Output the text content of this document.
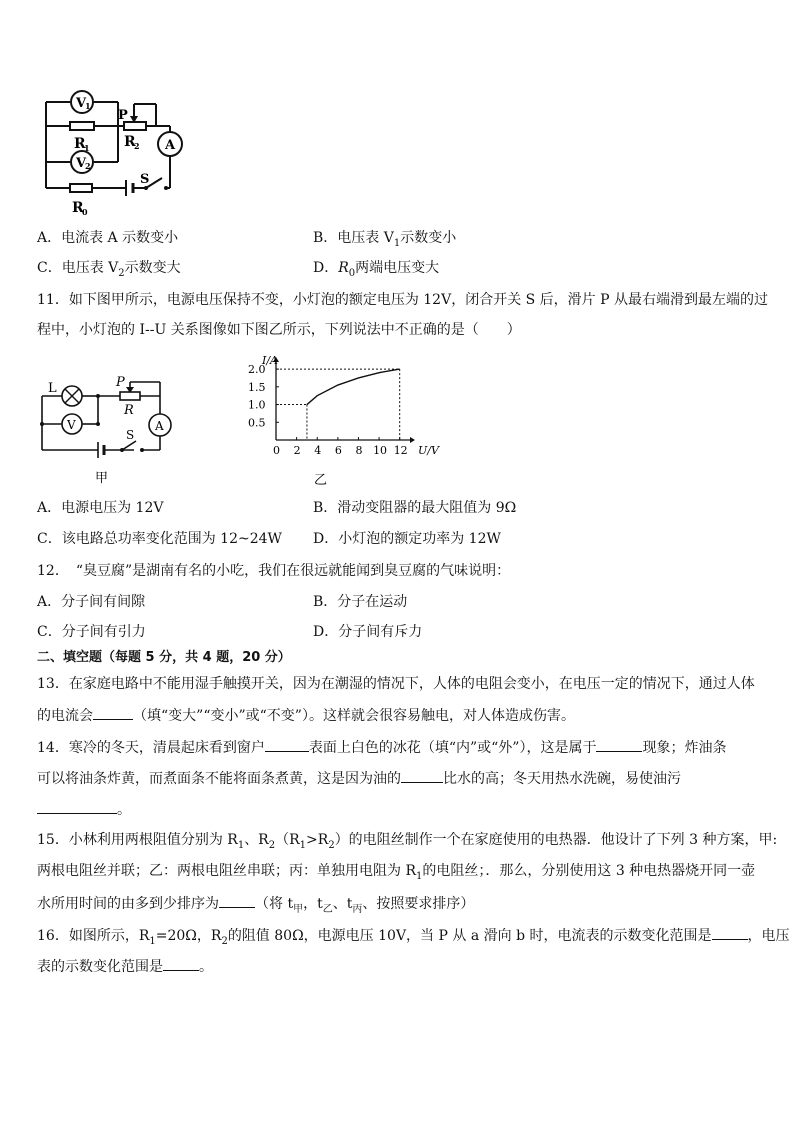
V
1
V
2
A
P
R
1 R
2
R
0
S
A．电流表 A 示数变小	B．电压表 $V_1$示数变小
C．电压表 $V_2$示数变大	D．$R_0$两端电压变大
11．如下图甲所示，电源电压保持不变，小灯泡的额定电压为 12V，闭合开关 S 后，滑片 P 从最右端滑到最左端的过
程中，小灯泡的 I--U 关系图像如下图乙所示，下列说法中不正确的是（　　）
L
V	A
P
R
S
甲
0 2 4 6 8 10 12
0.5
1.0
1.5
2.0
I/A
U/V
乙
A．电源电压为 12V	B．滑动变阻器的最大阻值为 9Ω
C．该电路总功率变化范围为 12~24W D．小灯泡的额定功率为 12W
12．　“臭豆腐”是湖南有名的小吃，我们在很远就能闻到臭豆腐的气味说明：
A．分子间有间隙	B．分子在运动
C．分子间有引力	D．分子间有斥力
二、填空题（每题 5 分，共 4 题，20 分）
13．在家庭电路中不能用湿手触摸开关，因为在潮湿的情况下，人体的电阻会变小，在电压一定的情况下，通过人体
的电流会	（填“变大”“变小”或“不变”）。这样就会很容易触电，对人体造成伤害。
14．寒冷的冬天，清晨起床看到窗户	表面上白色的冰花（填“内”或“外”），这是属于	现象；炸油条
可以将油条炸黄，而煮面条不能将面条煮黄，这是因为油的	比水的高；冬天用热水洗碗，易使油污
。
15．小林利用两根阻值分别为 $R_1$、$R_2(R_1>R_2)$的电阻丝制作一个在家庭使用的电热器．他设计了下列 3 种方案，甲:
两根电阻丝并联；乙：两根电阻丝串联；丙：单独用电阻为 $R_1$的电阻丝；．那么，分别使用这 3 种电热器烧开同一壶
水所用时间的由多到少排序为	（将 $t_甲$，$t_乙$、$t_丙$、按照要求排序）
16．如图所示，$R_1=20\Omega$，$R_2$的阻值 80Ω，电源电压 10V，当 P 从 a 滑向 b 时，电流表的示数变化范围是	，电压
表的示数变化范围是	。
